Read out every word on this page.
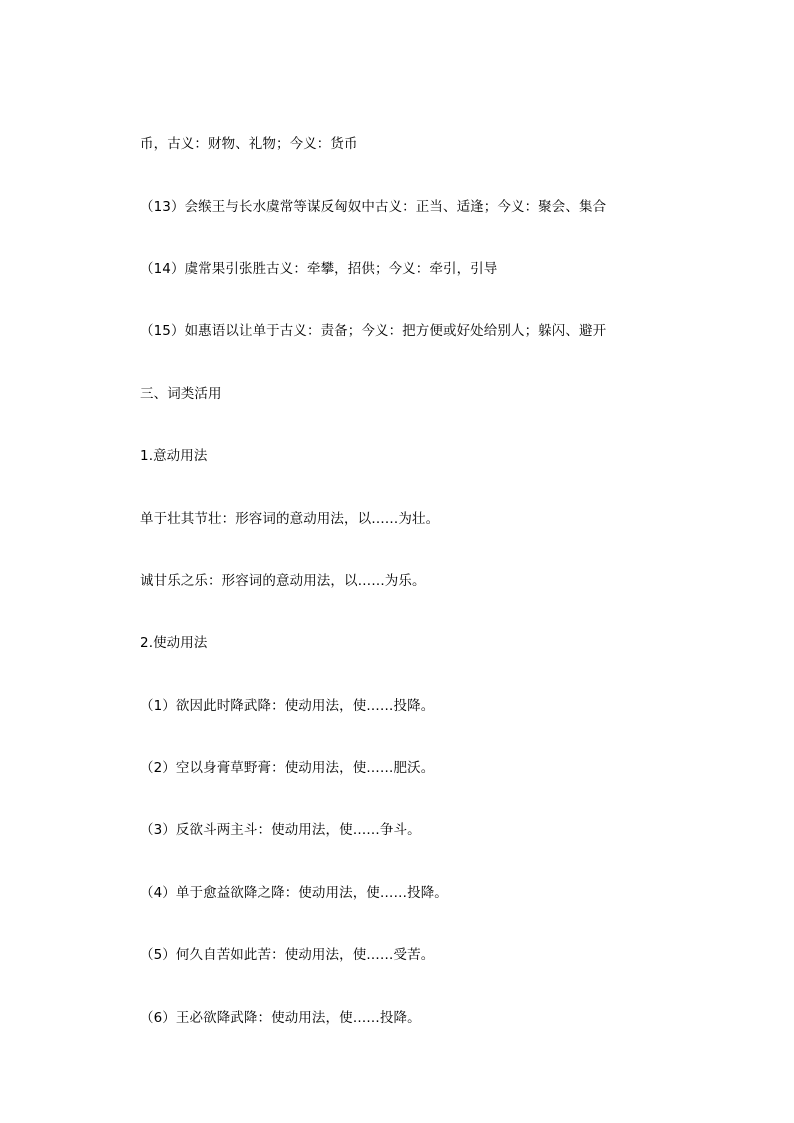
币，古义：财物、礼物；今义：货币
（13）会缑王与长水虞常等谋反匈奴中古义：正当、适逢；今义：聚会、集合
（14）虞常果引张胜古义：牵攀，招供；今义：牵引，引导
（15）如惠语以让单于古义：责备；今义：把方便或好处给别人；躲闪、避开
三、词类活用
1.意动用法
单于壮其节壮：形容词的意动用法，以……为壮。
诚甘乐之乐：形容词的意动用法，以……为乐。
2.使动用法
（1）欲因此时降武降：使动用法，使……投降。
（2）空以身膏草野膏：使动用法，使……肥沃。
（3）反欲斗两主斗：使动用法，使……争斗。
（4）单于愈益欲降之降：使动用法，使……投降。
（5）何久自苦如此苦：使动用法，使……受苦。
（6）王必欲降武降：使动用法，使……投降。
